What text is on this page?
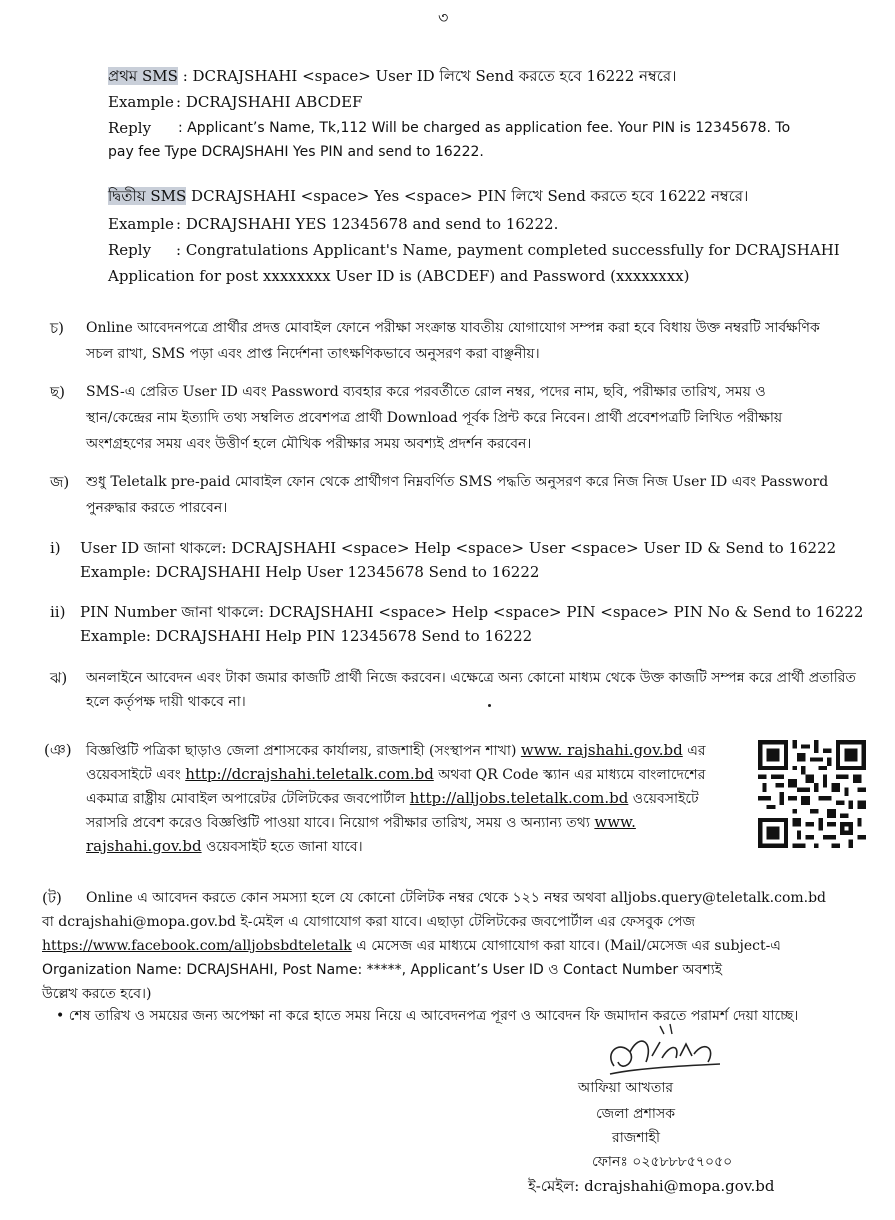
৩
প্রথম SMS : DCRAJSHAHI <space> User ID লিখে Send করতে হবে 16222 নম্বরে।
Example : DCRAJSHAHI ABCDEF
Reply : Applicant’s Name, Tk,112 Will be charged as application fee. Your PIN is 12345678. To
pay fee Type DCRAJSHAHI Yes PIN and send to 16222.
দ্বিতীয় SMS DCRAJSHAHI <space> Yes <space> PIN লিখে Send করতে হবে 16222 নম্বরে।
Example : DCRAJSHAHI YES 12345678 and send to 16222.
Reply : Congratulations Applicant's Name, payment completed successfully for DCRAJSHAHI
Application for post xxxxxxxx User ID is (ABCDEF) and Password (xxxxxxxx)
চ) Online আবেদনপত্রে প্রার্থীর প্রদত্ত মোবাইল ফোনে পরীক্ষা সংক্রান্ত যাবতীয় যোগাযোগ সম্পন্ন করা হবে বিধায় উক্ত নম্বরটি সার্বক্ষণিক
সচল রাখা, SMS পড়া এবং প্রাপ্ত নির্দেশনা তাৎক্ষণিকভাবে অনুসরণ করা বাঞ্ছনীয়।
ছ) SMS-এ প্রেরিত User ID এবং Password ব্যবহার করে পরবর্তীতে রোল নম্বর, পদের নাম, ছবি, পরীক্ষার তারিখ, সময় ও
স্থান/কেন্দ্রের নাম ইত্যাদি তথ্য সম্বলিত প্রবেশপত্র প্রার্থী Download পূর্বক প্রিন্ট করে নিবেন। প্রার্থী প্রবেশপত্রটি লিখিত পরীক্ষায়
অংশগ্রহণের সময় এবং উত্তীর্ণ হলে মৌখিক পরীক্ষার সময় অবশ্যই প্রদর্শন করবেন।
জ) শুধু Teletalk pre-paid মোবাইল ফোন থেকে প্রার্থীগণ নিম্নবর্ণিত SMS পদ্ধতি অনুসরণ করে নিজ নিজ User ID এবং Password
পুনরুদ্ধার করতে পারবেন।
i) User ID জানা থাকলে: DCRAJSHAHI <space> Help <space> User <space> User ID & Send to 16222
Example: DCRAJSHAHI Help User 12345678 Send to 16222
ii) PIN Number জানা থাকলে: DCRAJSHAHI <space> Help <space> PIN <space> PIN No & Send to 16222
Example: DCRAJSHAHI Help PIN 12345678 Send to 16222
ঝ) অনলাইনে আবেদন এবং টাকা জমার কাজটি প্রার্থী নিজে করবেন। এক্ষেত্রে অন্য কোনো মাধ্যম থেকে উক্ত কাজটি সম্পন্ন করে প্রার্থী প্রতারিত
হলে কর্তৃপক্ষ দায়ী থাকবে না।
(ঞ) বিজ্ঞপ্তিটি পত্রিকা ছাড়াও জেলা প্রশাসকের কার্যালয়, রাজশাহী (সংস্থাপন শাখা) www. rajshahi.gov.bd এর
ওয়েবসাইটে এবং http://dcrajshahi.teletalk.com.bd অথবা QR Code স্ক্যান এর মাধ্যমে বাংলাদেশের
একমাত্র রাষ্ট্রীয় মোবাইল অপারেটর টেলিটকের জবপোর্টাল http://alljobs.teletalk.com.bd ওয়েবসাইটে
সরাসরি প্রবেশ করেও বিজ্ঞপ্তিটি পাওয়া যাবে। নিয়োগ পরীক্ষার তারিখ, সময় ও অন্যান্য তথ্য www.
rajshahi.gov.bd ওয়েবসাইট হতে জানা যাবে।
(ট) Online এ আবেদন করতে কোন সমস্যা হলে যে কোনো টেলিটক নম্বর থেকে ১২১ নম্বর অথবা alljobs.query@teletalk.com.bd
বা dcrajshahi@mopa.gov.bd ই-মেইল এ যোগাযোগ করা যাবে। এছাড়া টেলিটকের জবপোর্টাল এর ফেসবুক পেজ
https://www.facebook.com/alljobsbdteletalk এ মেসেজ এর মাধ্যমে যোগাযোগ করা যাবে। (Mail/মেসেজ এর subject-এ
Organization Name: DCRAJSHAHI, Post Name: *****, Applicant’s User ID ও Contact Number অবশ্যই
উল্লেখ করতে হবে।)
• শেষ তারিখ ও সময়ের জন্য অপেক্ষা না করে হাতে সময় নিয়ে এ আবেদনপত্র পূরণ ও আবেদন ফি জমাদান করতে পরামর্শ দেয়া যাচ্ছে।
আফিয়া আখতার
জেলা প্রশাসক
রাজশাহী
ফোনঃ ০২৫৮৮৮৫৭০৫০
ই-মেইল: dcrajshahi@mopa.gov.bd
